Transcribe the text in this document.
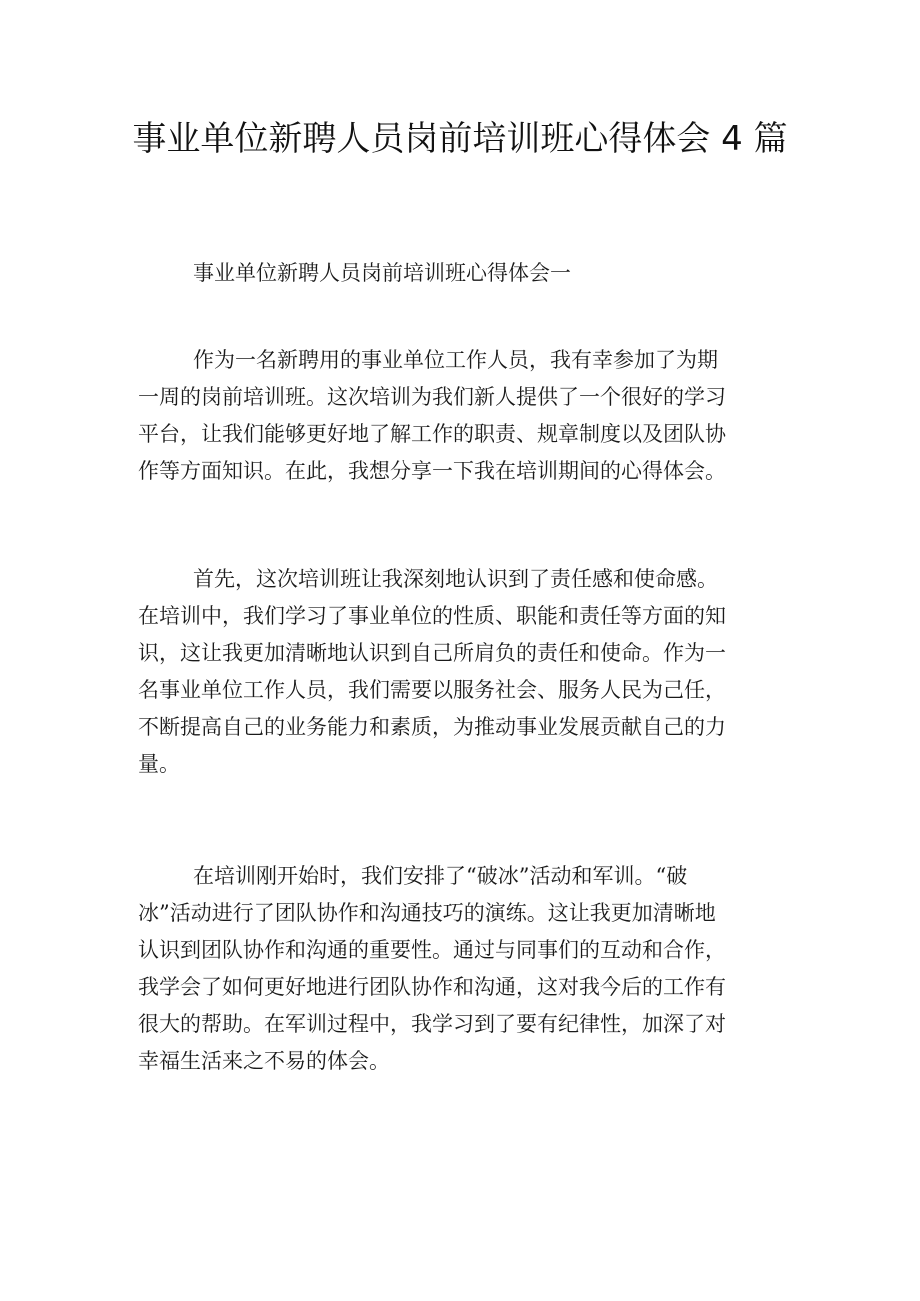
事业单位新聘人员岗前培训班心得体会 4 篇
事业单位新聘人员岗前培训班心得体会一

作为一名新聘用的事业单位工作人员，我有幸参加了为期
一周的岗前培训班。这次培训为我们新人提供了一个很好的学习
平台，让我们能够更好地了解工作的职责、规章制度以及团队协
作等方面知识。在此，我想分享一下我在培训期间的心得体会。

首先，这次培训班让我深刻地认识到了责任感和使命感。
在培训中，我们学习了事业单位的性质、职能和责任等方面的知
识，这让我更加清晰地认识到自己所肩负的责任和使命。作为一
名事业单位工作人员，我们需要以服务社会、服务人民为己任，
不断提高自己的业务能力和素质，为推动事业发展贡献自己的力
量。

在培训刚开始时，我们安排了“破冰”活动和军训。“破
冰”活动进行了团队协作和沟通技巧的演练。这让我更加清晰地
认识到团队协作和沟通的重要性。通过与同事们的互动和合作，
我学会了如何更好地进行团队协作和沟通，这对我今后的工作有
很大的帮助。在军训过程中，我学习到了要有纪律性，加深了对
幸福生活来之不易的体会。
